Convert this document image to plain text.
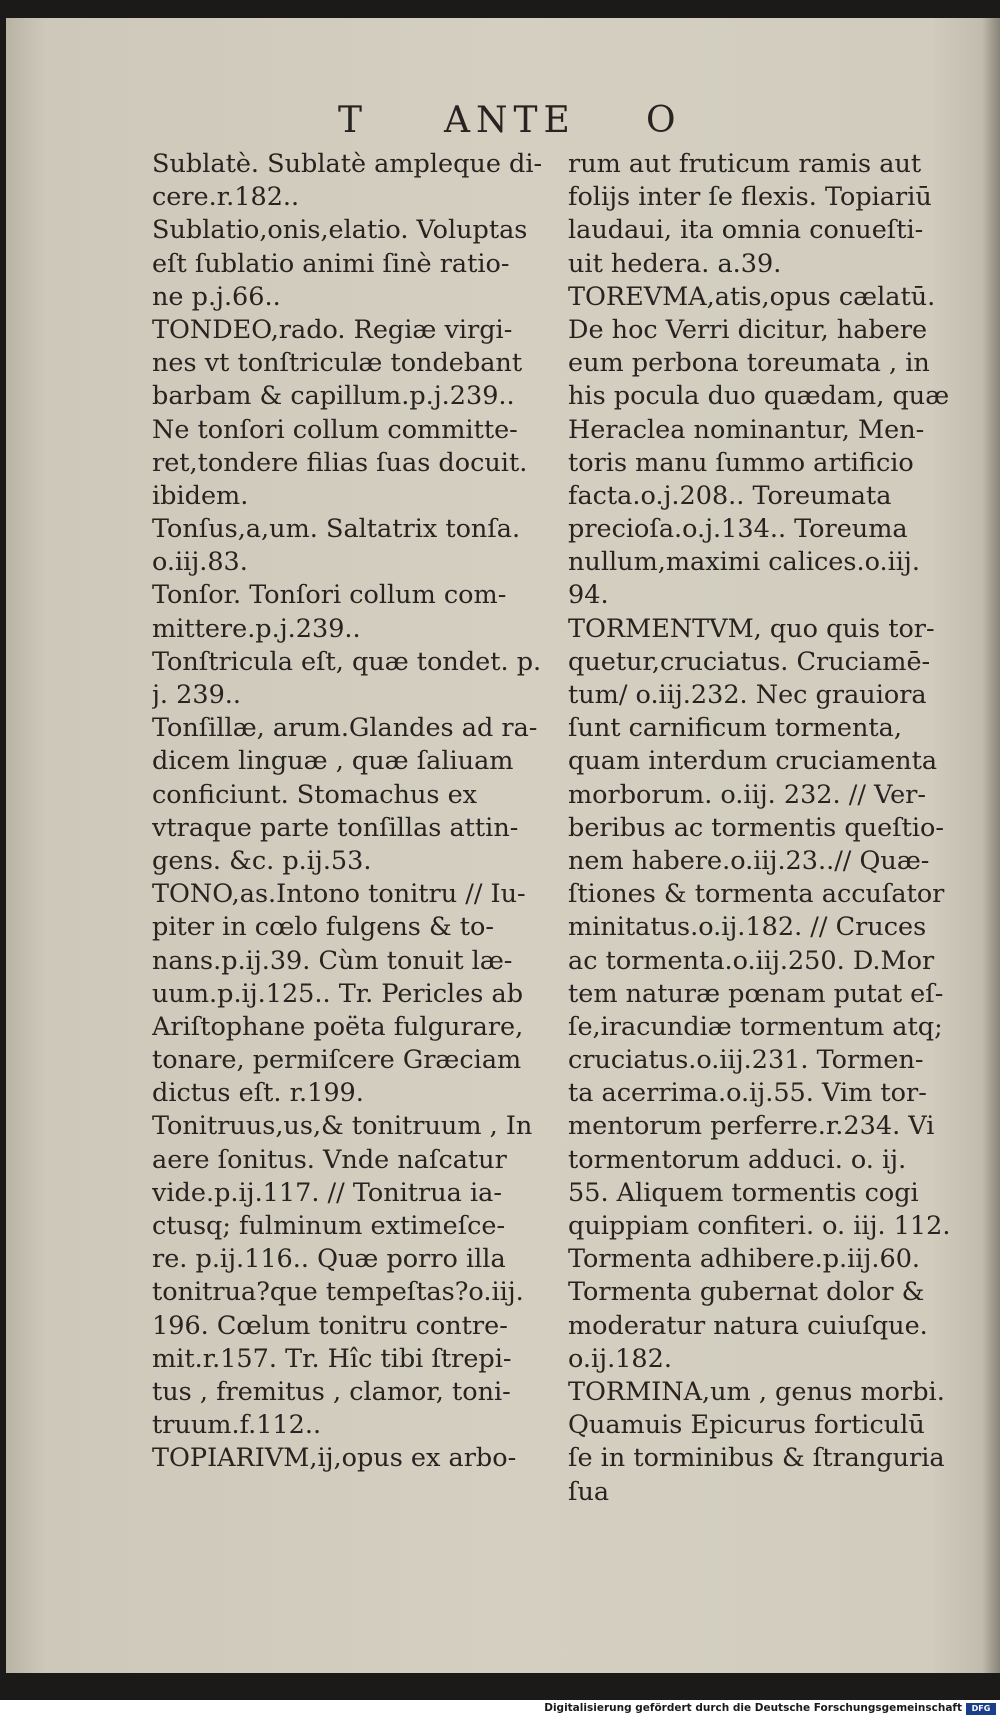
T ANTE O
Sublatè. Sublatè ampleque di-
cere.r.182..
Sublatio,onis,elatio. Voluptas
eſt ſublatio animi ſinè ratio-
ne p.j.66..
TONDEO,rado. Regiæ virgi-
nes vt tonſtriculæ tondebant
barbam & capillum.p.j.239..
Ne tonſori collum committe-
ret,tondere filias ſuas docuit.
ibidem.
Tonſus,a,um. Saltatrix tonſa.
o.iij.83.
Tonſor. Tonſori collum com-
mittere.p.j.239..
Tonſtricula eſt, quæ tondet. p.
j. 239..
Tonſillæ, arum.Glandes ad ra-
dicem linguæ , quæ ſaliuam
conficiunt. Stomachus ex
vtraque parte tonſillas attin-
gens. &c. p.ij.53.
TONO,as.Intono tonitru // Iu-
piter in cœlo fulgens & to-
nans.p.ij.39. Cùm tonuit læ-
uum.p.ij.125.. Tr. Pericles ab
Ariſtophane poëta fulgurare,
tonare, permiſcere Græciam
dictus eſt. r.199.
Tonitruus,us,& tonitruum , In
aere ſonitus. Vnde naſcatur
vide.p.ij.117. // Tonitrua ia-
ctusq; fulminum extimeſce-
re. p.ij.116.. Quæ porro illa
tonitrua?que tempeſtas?o.iij.
196. Cœlum tonitru contre-
mit.r.157. Tr. Hîc tibi ſtrepi-
tus , fremitus , clamor, toni-
truum.f.112..
TOPIARIVM,ij,opus ex arbo-
rum aut fruticum ramis aut
folijs inter ſe flexis. Topiariū
laudaui, ita omnia conueſti-
uit hedera. a.39.
TOREVMA,atis,opus cælatū.
De hoc Verri dicitur, habere
eum perbona toreumata , in
his pocula duo quædam, quæ
Heraclea nominantur, Men-
toris manu ſummo artificio
facta.o.j.208.. Toreumata
precioſa.o.j.134.. Toreuma
nullum,maximi calices.o.iij.
94.
TORMENTVM, quo quis tor-
quetur,cruciatus. Cruciamē-
tum/ o.iij.232. Nec grauiora
ſunt carnificum tormenta,
quam interdum cruciamenta
morborum. o.iij. 232. // Ver-
beribus ac tormentis queſtio-
nem habere.o.iij.23..// Quæ-
ſtiones & tormenta accuſator
minitatus.o.ij.182. // Cruces
ac tormenta.o.iij.250. D.Mor
tem naturæ pœnam putat eſ-
ſe,iracundiæ tormentum atq;
cruciatus.o.iij.231. Tormen-
ta acerrima.o.ij.55. Vim tor-
mentorum perferre.r.234. Vi
tormentorum adduci. o. ij.
55. Aliquem tormentis cogi
quippiam confiteri. o. iij. 112.
Tormenta adhibere.p.iij.60.
Tormenta gubernat dolor &
moderatur natura cuiuſque.
o.ij.182.
TORMINA,um , genus morbi.
Quamuis Epicurus forticulū
ſe in torminibus & ſtranguria
ſua
Digitalisierung gefördert durch die Deutsche Forschungsgemeinschaft	DFG
